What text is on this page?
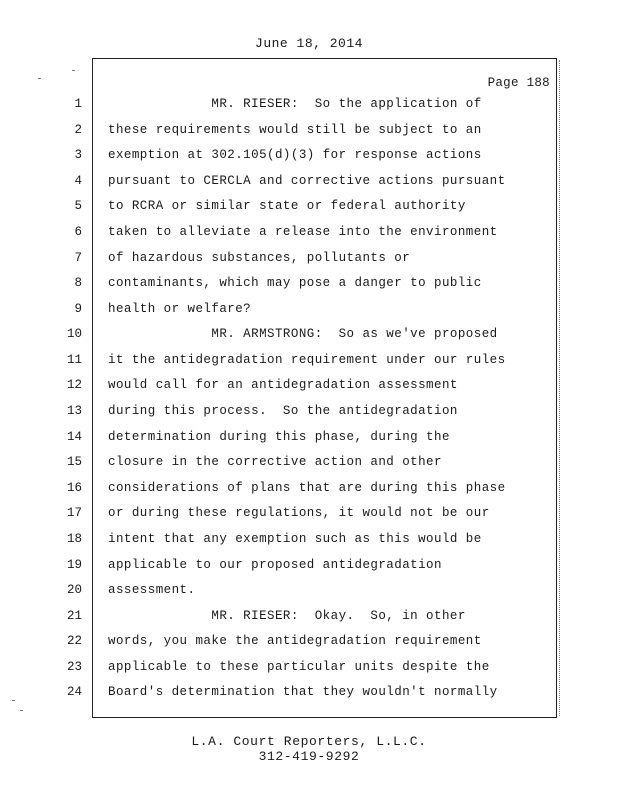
June 18, 2014
Page 188
1 MR. RIESER:  So the application of
2 these requirements would still be subject to an
3 exemption at 302.105(d)(3) for response actions
4 pursuant to CERCLA and corrective actions pursuant
5 to RCRA or similar state or federal authority
6 taken to alleviate a release into the environment
7 of hazardous substances, pollutants or
8 contaminants, which may pose a danger to public
9 health or welfare?
10 MR. ARMSTRONG:  So as we've proposed
11 it the antidegradation requirement under our rules
12 would call for an antidegradation assessment
13 during this process.  So the antidegradation
14 determination during this phase, during the
15 closure in the corrective action and other
16 considerations of plans that are during this phase
17 or during these regulations, it would not be our
18 intent that any exemption such as this would be
19 applicable to our proposed antidegradation
20 assessment.
21 MR. RIESER:  Okay.  So, in other
22 words, you make the antidegradation requirement
23 applicable to these particular units despite the
24 Board's determination that they wouldn't normally
L.A. Court Reporters, L.L.C.
312-419-9292
